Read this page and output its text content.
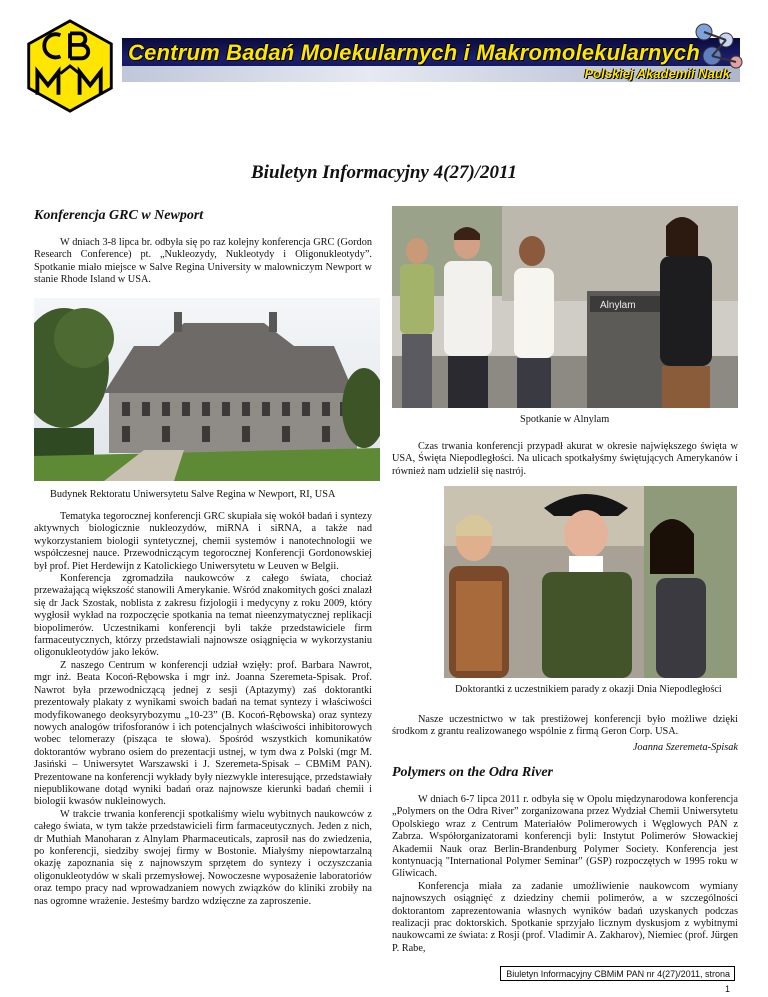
Centrum Badań Molekularnych i Makromolekularnych
Polskiej Akademii Nauk
Biuletyn Informacyjny 4(27)/2011
Konferencja GRC w Newport

W dniach 3-8 lipca br. odbyła się po raz kolejny konferencja GRC (Gordon Research Conference) pt. „Nukleozydy, Nukleotydy i Oligonukleotydy”. Spotkanie miało miejsce w Salve Regina University w malowniczym Newport w stanie Rhode Island w USA.

Budynek Rektoratu Uniwersytetu Salve Regina w Newport, RI, USA

Tematyka tegorocznej konferencji GRC skupiała się wokół badań i syntezy aktywnych biologicznie nukleozydów, miRNA i siRNA, a także nad wykorzystaniem biologii syntetycznej, chemii systemów i nanotechnologii we współczesnej nauce. Przewodniczącym tegorocznej Konferencji Gordonowskiej był prof. Piet Herdewijn z Katolickiego Uniwersytetu w Leuven w Belgii.

Konferencja zgromadziła naukowców z całego świata, chociaż przeważającą większość stanowili Amerykanie. Wśród znakomitych gości znalazł się dr Jack Szostak, noblista z zakresu fizjologii i medycyny z roku 2009, który wygłosił wykład na rozpoczęcie spotkania na temat nieenzymatycznej replikacji biopolimerów. Uczestnikami konferencji byli także przedstawiciele firm farmaceutycznych, którzy przedstawiali najnowsze osiągnięcia w wykorzystaniu oligonukleotydów jako leków.

Z naszego Centrum w konferencji udział wzięły: prof. Barbara Nawrot, mgr inż. Beata Kocoń-Rębowska i mgr inż. Joanna Szeremeta-Spisak. Prof. Nawrot była przewodniczącą jednej z sesji (Aptazymy) zaś doktorantki prezentowały plakaty z wynikami swoich badań na temat syntezy i właściwości modyfikowanego deoksyrybozymu „10-23” (B. Kocoń-Rębowska) oraz syntezy nowych analogów trifosforanów i ich potencjalnych właściwości inhibitorowych wobec telomerazy (pisząca te słowa). Spośród wszystkich komunikatów doktorantów wybrano osiem do prezentacji ustnej, w tym dwa z Polski (mgr M. Jasiński – Uniwersytet Warszawski i J. Szeremeta-Spisak – CBMiM PAN). Prezentowane na konferencji wykłady były niezwykle interesujące, przedstawiały niepublikowane dotąd wyniki badań oraz najnowsze kierunki badań chemii i biologii kwasów nukleinowych.

W trakcie trwania konferencji spotkaliśmy wielu wybitnych naukowców z całego świata, w tym także przedstawicieli firm farmaceutycznych. Jeden z nich, dr Muthiah Manoharan z Alnylam Pharmaceuticals, zaprosił nas do zwiedzenia, po konferencji, siedziby swojej firmy w Bostonie. Miałyśmy niepowtarzalną okazję zapoznania się z najnowszym sprzętem do syntezy i oczyszczania oligonukleotydów w skali przemysłowej. Nowoczesne wyposażenie laboratoriów oraz tempo pracy nad wprowadzaniem nowych związków do kliniki zrobiły na nas ogromne wrażenie. Jesteśmy bardzo wdzięczne za zaproszenie.

Alnylam
Spotkanie w Alnylam

Czas trwania konferencji przypadł akurat w okresie największego święta w USA, Święta Niepodległości. Na ulicach spotkałyśmy świętujących Amerykanów i również nam udzielił się nastrój.

Doktorantki z uczestnikiem parady z okazji Dnia Niepodległości

Nasze uczestnictwo w tak prestiżowej konferencji było możliwe dzięki środkom z grantu realizowanego wspólnie z firmą Geron Corp. USA.

Joanna Szeremeta-Spisak
Polymers on the Odra River

W dniach 6-7 lipca 2011 r. odbyła się w Opolu międzynarodowa konferencja „Polymers on the Odra River” zorganizowana przez Wydział Chemii Uniwersytetu Opolskiego wraz z Centrum Materiałów Polimerowych i Węglowych PAN z Zabrza. Współorganizatorami konferencji byli: Instytut Polimerów Słowackiej Akademii Nauk oraz Berlin-Brandenburg Polymer Society. Konferencja jest kontynuacją "International Polymer Seminar" (GSP) rozpoczętych w 1995 roku w Gliwicach.

Konferencja miała za zadanie umożliwienie naukowcom wymiany najnowszych osiągnięć z dziedziny chemii polimerów, a w szczególności doktorantom zaprezentowania własnych wyników badań uzyskanych podczas realizacji prac doktorskich. Spotkanie sprzyjało licznym dyskusjom z wybitnymi naukowcami ze świata: z Rosji (prof. Vladimir A. Zakharov), Niemiec (prof. Jürgen P. Rabe,

Biuletyn Informacyjny CBMiM PAN nr 4(27)/2011, strona 1
